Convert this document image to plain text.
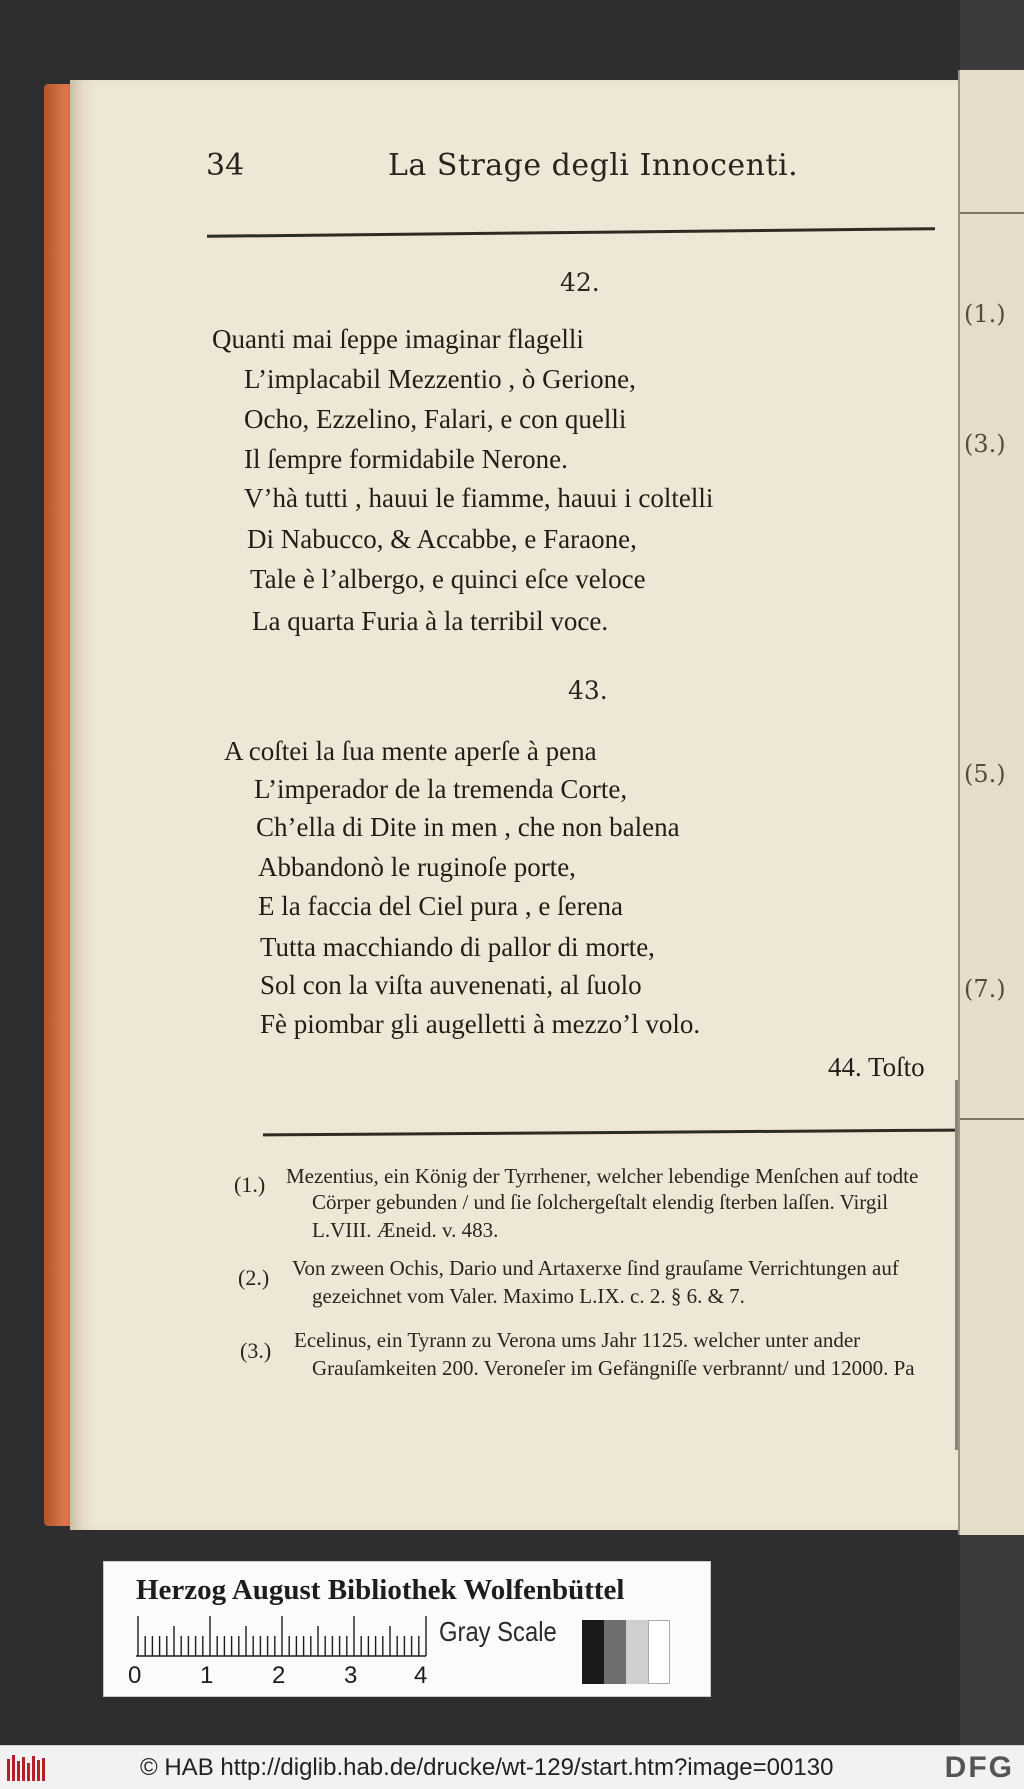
(1.)
(3.)
(5.)
(7.)
34	La Strage degli Innocenti.
42.
Quanti mai ſeppe imaginar flagelli
L’implacabil Mezzentio , ò Gerione,
Ocho, Ezzelino, Falari, e con quelli
Il ſempre formidabile Nerone.
V’hà tutti , hauui le fiamme, hauui i coltelli
Di Nabucco, & Accabbe, e Faraone,
Tale è l’albergo, e quinci eſce veloce
La quarta Furia à la terribil voce.
43.
A coſtei la ſua mente aperſe à pena
L’imperador de la tremenda Corte,
Ch’ella di Dite in men , che non balena
Abbandonò le ruginoſe porte,
E la faccia del Ciel pura , e ſerena
Tutta macchiando di pallor di morte,
Sol con la viſta auvenenati, al ſuolo
Fè piombar gli augelletti à mezzo’l volo.
44. Toſto
(1.) Mezentius, ein König der Tyrrhener, welcher lebendige Menſchen auf todte
Cörper gebunden / und ſie ſolchergeſtalt elendig ſterben laſſen. Virgil
L.VIII. Æneid. v. 483.
(2.) Von zween Ochis, Dario und Artaxerxe ſind grauſame Verrichtungen auf
gezeichnet vom Valer. Maximo L.IX. c. 2. § 6. & 7.
(3.) Ecelinus, ein Tyrann zu Verona ums Jahr 1125. welcher unter ander
Grauſamkeiten 200. Veroneſer im Gefängniſſe verbrannt/ und 12000. Pa
Herzog August Bibliothek Wolfenbüttel
0 1 2 3 4
Gray Scale
© HAB http://diglib.hab.de/drucke/wt-129/start.htm?image=00130	DFG
